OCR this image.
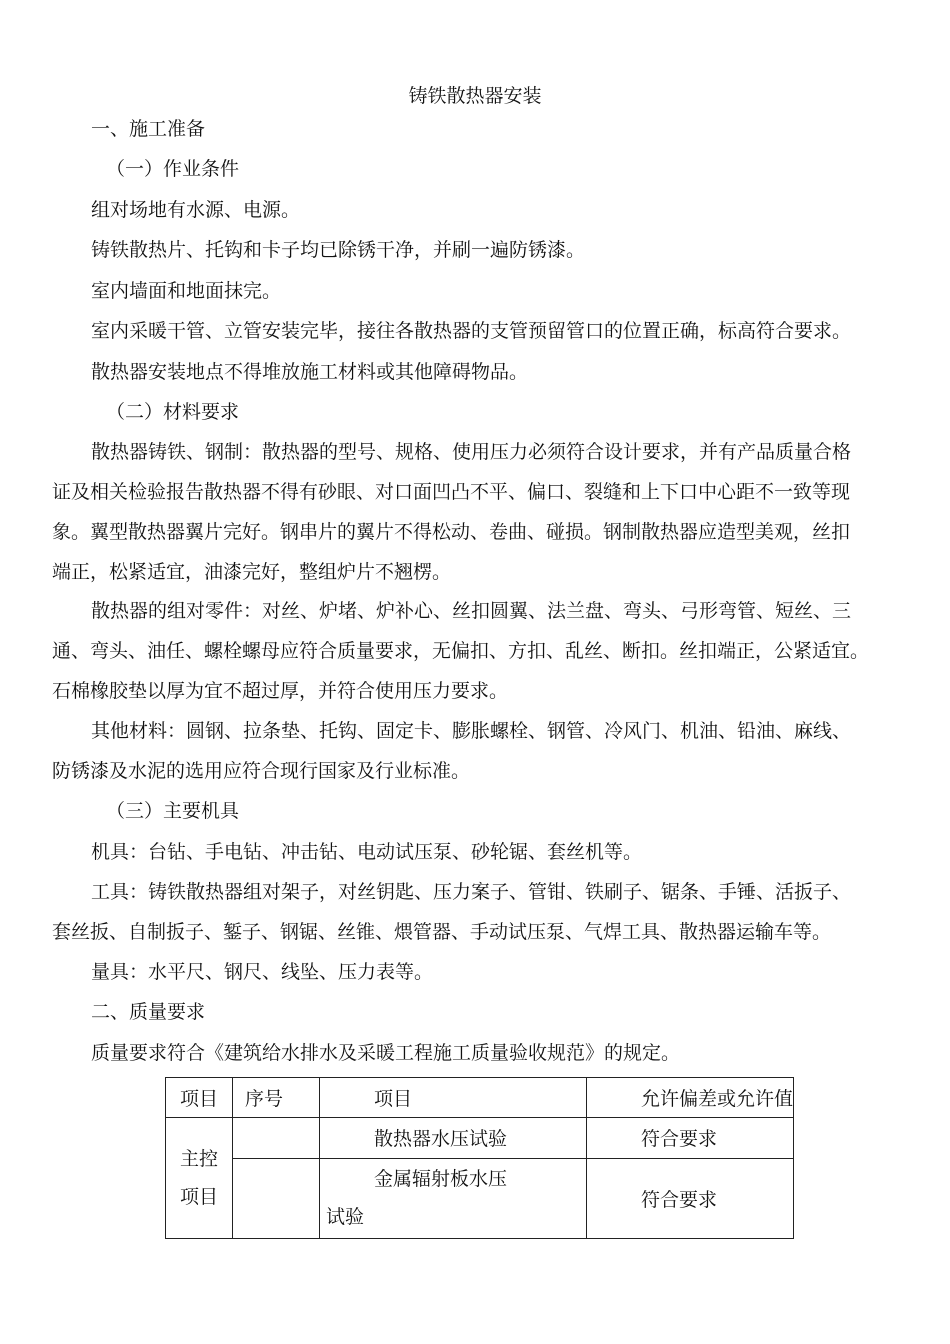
铸铁散热器安装
一、施工准备
（一）作业条件
组对场地有水源、电源。
铸铁散热片、托钩和卡子均已除锈干净，并刷一遍防锈漆。
室内墙面和地面抹完。
室内采暖干管、立管安装完毕，接往各散热器的支管预留管口的位置正确，标高符合要求。
散热器安装地点不得堆放施工材料或其他障碍物品。
（二）材料要求
散热器铸铁、钢制：散热器的型号、规格、使用压力必须符合设计要求，并有产品质量合格
证及相关检验报告散热器不得有砂眼、对口面凹凸不平、偏口、裂缝和上下口中心距不一致等现
象。翼型散热器翼片完好。钢串片的翼片不得松动、卷曲、碰损。钢制散热器应造型美观，丝扣
端正，松紧适宜，油漆完好，整组炉片不翘楞。
散热器的组对零件：对丝、炉堵、炉补心、丝扣圆翼、法兰盘、弯头、弓形弯管、短丝、三
通、弯头、油任、螺栓螺母应符合质量要求，无偏扣、方扣、乱丝、断扣。丝扣端正，公紧适宜。
石棉橡胶垫以厚为宜不超过厚，并符合使用压力要求。
其他材料：圆钢、拉条垫、托钩、固定卡、膨胀螺栓、钢管、冷风门、机油、铅油、麻线、
防锈漆及水泥的选用应符合现行国家及行业标准。
（三）主要机具
机具：台钻、手电钻、冲击钻、电动试压泵、砂轮锯、套丝机等。
工具：铸铁散热器组对架子，对丝钥匙、压力案子、管钳、铁刷子、锯条、手锤、活扳子、
套丝扳、自制扳子、錾子、钢锯、丝锥、煨管器、手动试压泵、气焊工具、散热器运输车等。
量具：水平尺、钢尺、线坠、压力表等。
二、质量要求
质量要求符合《建筑给水排水及采暖工程施工质量验收规范》的规定。
项目	序号	项目	允许偏差或允许值

主控
项目		散热器水压试验	符合要求

		金属辐射板水压
试验	符合要求
